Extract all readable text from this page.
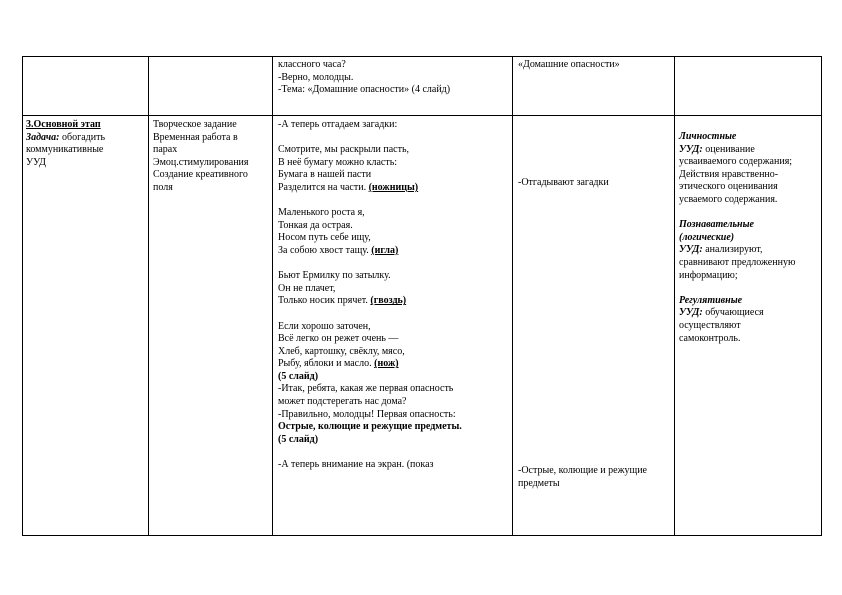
классного часа?

-Верно, молодцы.

-Тема: «Домашние опасности» (4 слайд)

«Домашние опасности»

3.Основной этап

Задача: обогадить

коммуникативные

УУД

Творческое задание

Временная работа в

парах

Эмоц.стимулирования

Создание креативного

поля

-А теперь отгадаем загадки:

Смотрите, мы раскрыли пасть,

В неё бумагу можно класть:

Бумага в нашей пасти

Разделится на части. (ножницы)

Маленького роста я,

Тонкая да острая.

Носом путь себе ищу,

За собою хвост тащу. (игла)

Бьют Ермилку по затылку.

Он не плачет,

Только носик прячет. (гвоздь)

Если хорошо заточен,

Всё легко он режет очень —

Хлеб, картошку, свёклу, мясо,

Рыбу, яблоки и масло. (нож)

(5 слайд)

-Итак, ребята, какая же первая опасность

может подстерегать нас дома?

-Правильно, молодцы! Первая опасность:

Острые, колющие и режущие предметы.

(5 слайд)

-А теперь внимание на экран. (показ

-Отгадывают загадки

-Острые, колющие и режущие

предметы

Личностные

УУД: оценивание

усваиваемого содержания;

Действия нравственно-

этического оценивания

усваемого содержания.

Познавательные

(логические)

УУД: анализируют,

сравнивают предложенную

информацию;

Регулятивные

УУД: обучающиеся

осуществляют

самоконтроль.
